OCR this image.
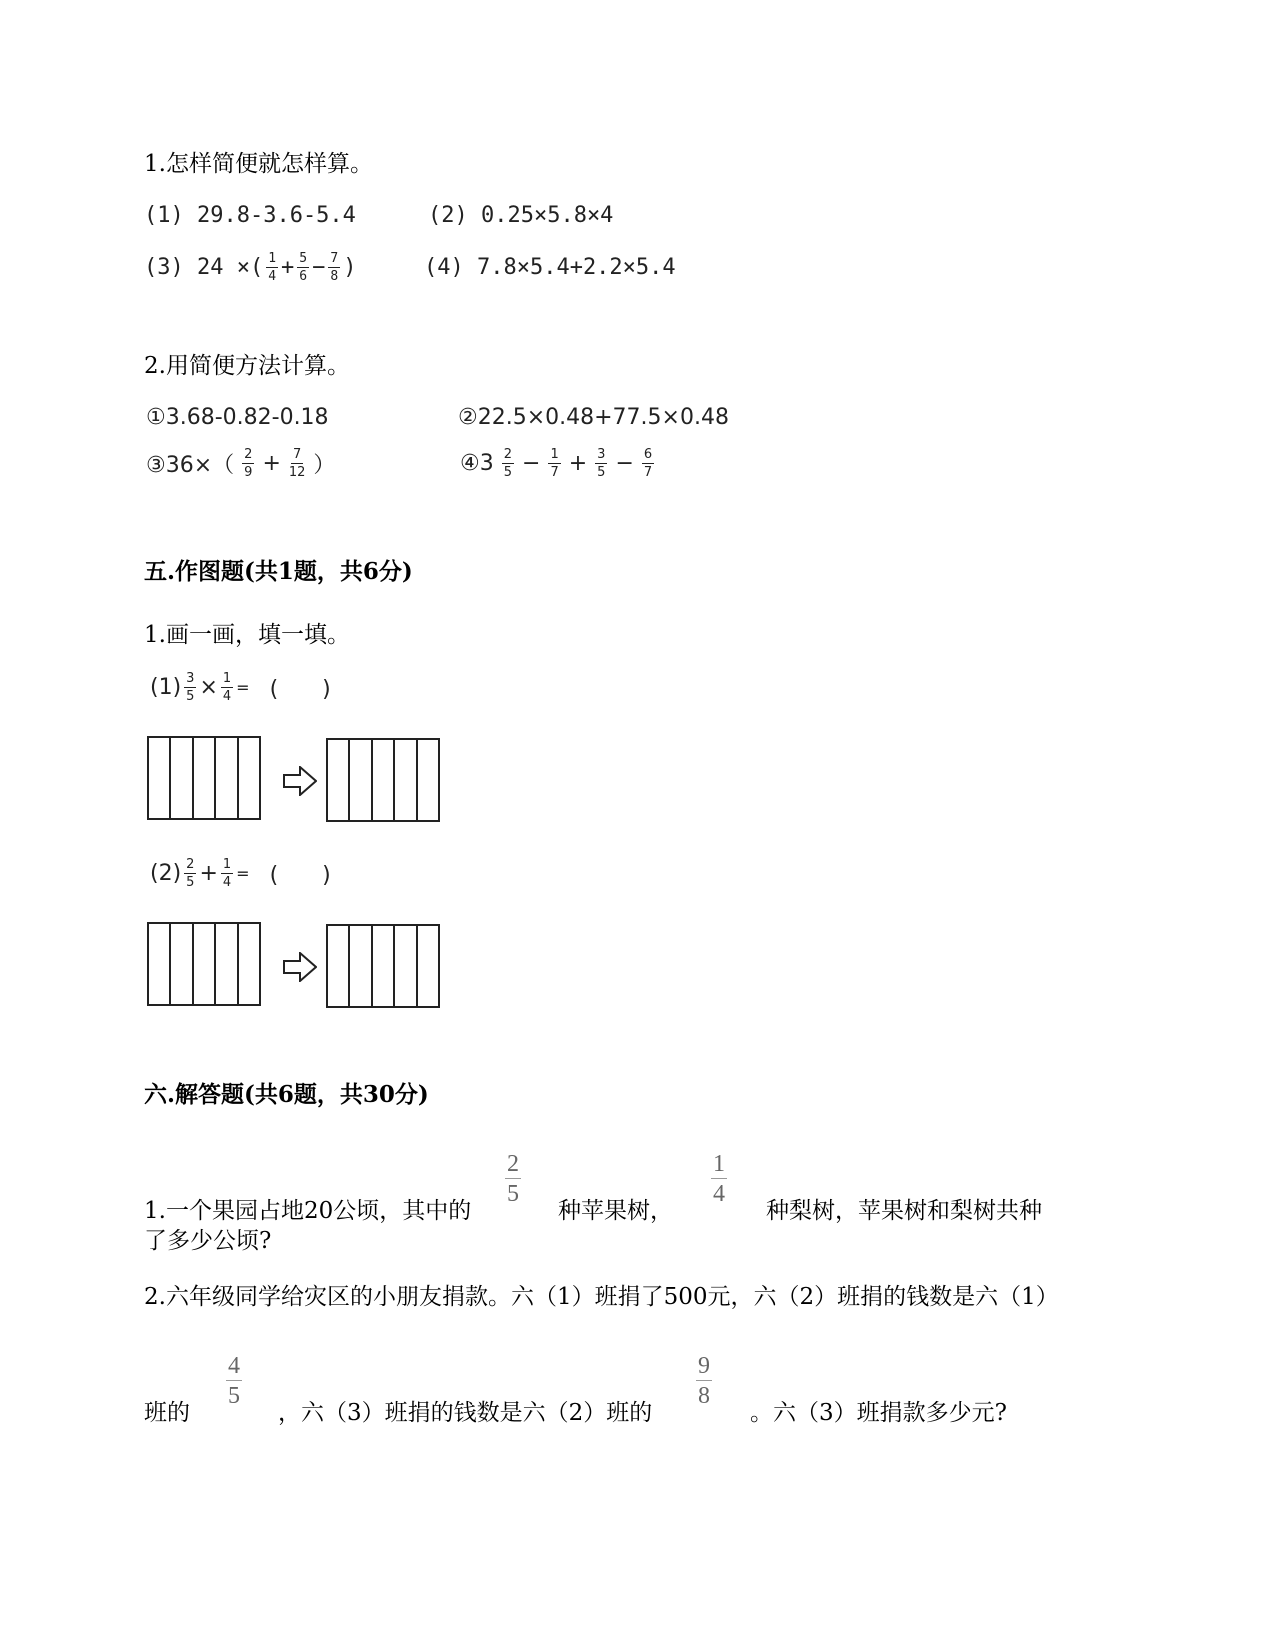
1.怎样简便就怎样算。
(1) 29.8-3.6-5.4	(2) 0.25×5.8×4
(3) 24 ×( $\frac{1}{4} + \frac{5}{6} - \frac{7}{8}$ )	(4) 7.8×5.4+2.2×5.4
2.用简便方法计算。
①3.68-0.82-0.18	②22.5×0.48+77.5×0.48
③36×（ $\frac{2}{9} + \frac{7}{12}$ ）	④3 $\frac{2}{5} - \frac{1}{7} + \frac{3}{5} - \frac{6}{7}$
五.作图题(共1题，共6分)
1.画一画，填一填。
$(1) \frac{3}{5} \times \frac{1}{4}$ = (　　)
$(2) \frac{2}{5} + \frac{1}{4}$ = (　　)
六.解答题(共6题，共30分)
1.一个果园占地20公顷，其中的
2
5
种苹果树，
1
4
种梨树，苹果树和梨树共种
了多少公顷?
2.六年级同学给灾区的小朋友捐款。六（1）班捐了500元，六（2）班捐的钱数是六（1）
班的
4
5
，六（3）班捐的钱数是六（2）班的
9
8
。六（3）班捐款多少元?
